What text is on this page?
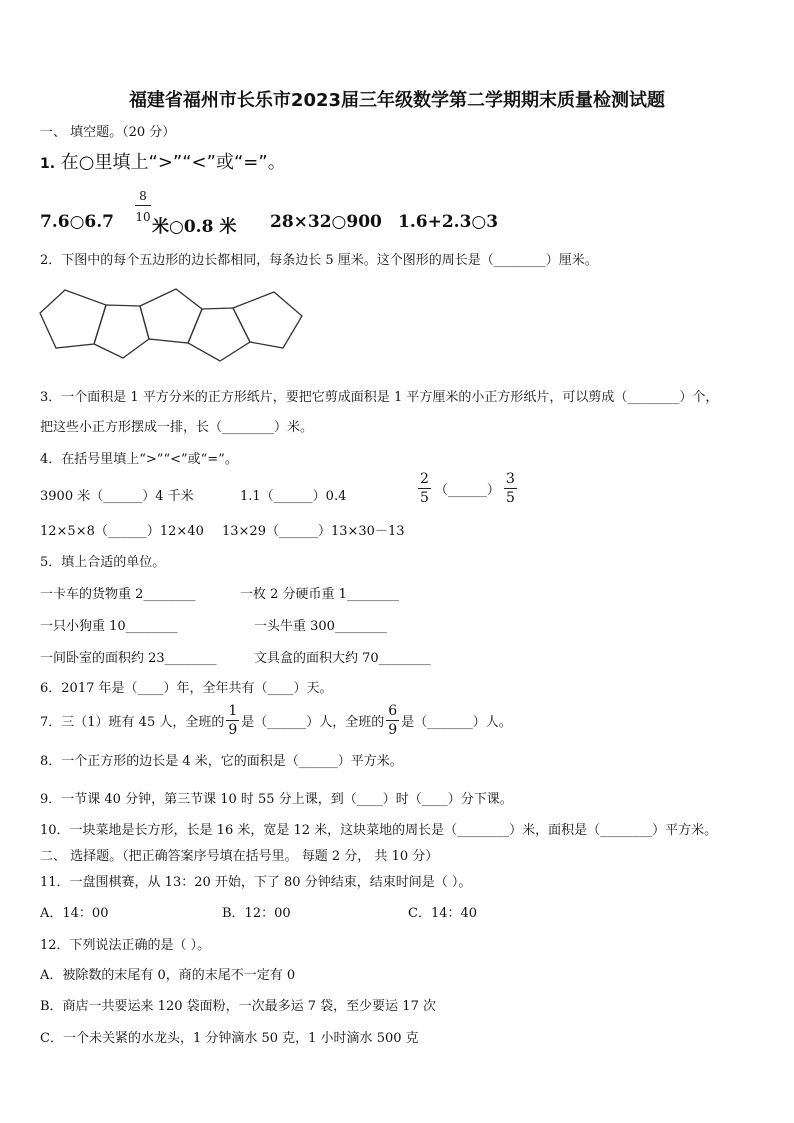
福建省福州市长乐市2023届三年级数学第二学期期末质量检测试题
一、 填空题。（20 分）
1. 在○里填上“>”“<”或“=”。
7.6○6.7
8
10 米○0.8 米 28×32○900 1.6+2.3○3
2．下图中的每个五边形的边长都相同，每条边长 5 厘米。这个图形的周长是（________）厘米。
3．一个面积是 1 平方分米的正方形纸片，要把它剪成面积是 1 平方厘米的小正方形纸片，可以剪成（________）个，
把这些小正方形摆成一排，长（________）米。
4．在括号里填上“>”“<”或“=”。
3900 米（______）4 千米	1.1（______）0.4	$\frac{2}{5}$ （______） $\frac{3}{5}$
12×5×8（______）12×40 13×29（______）13×30－13
5．填上合适的单位。
一卡车的货物重 2________	一枚 2 分硬币重 1________
一只小狗重 10________	一头牛重 300________
一间卧室的面积约 23________	文具盒的面积大约 70________
6．2017 年是（____）年，全年共有（____）天。
7．三（1）班有 45 人，全班的 $\frac{1}{9}$ 是（______）人，全班的 $\frac{6}{9}$ 是（_______）人。
8．一个正方形的边长是 4 米，它的面积是（______）平方米。
9．一节课 40 分钟，第三节课 10 时 55 分上课，到（____）时（____）分下课。
10．一块菜地是长方形，长是 16 米，宽是 12 米，这块菜地的周长是（________）米，面积是（________）平方米。
二、 选择题。（把正确答案序号填在括号里。 每题 2 分， 共 10 分）
11．一盘围棋赛，从 13：20 开始，下了 80 分钟结束，结束时间是（ ）。
A．14：00	B．12：00	C．14：40
12．下列说法正确的是（ ）。
A．被除数的末尾有 0，商的末尾不一定有 0
B．商店一共要运来 120 袋面粉，一次最多运 7 袋，至少要运 17 次
C．一个未关紧的水龙头，1 分钟滴水 50 克，1 小时滴水 500 克
